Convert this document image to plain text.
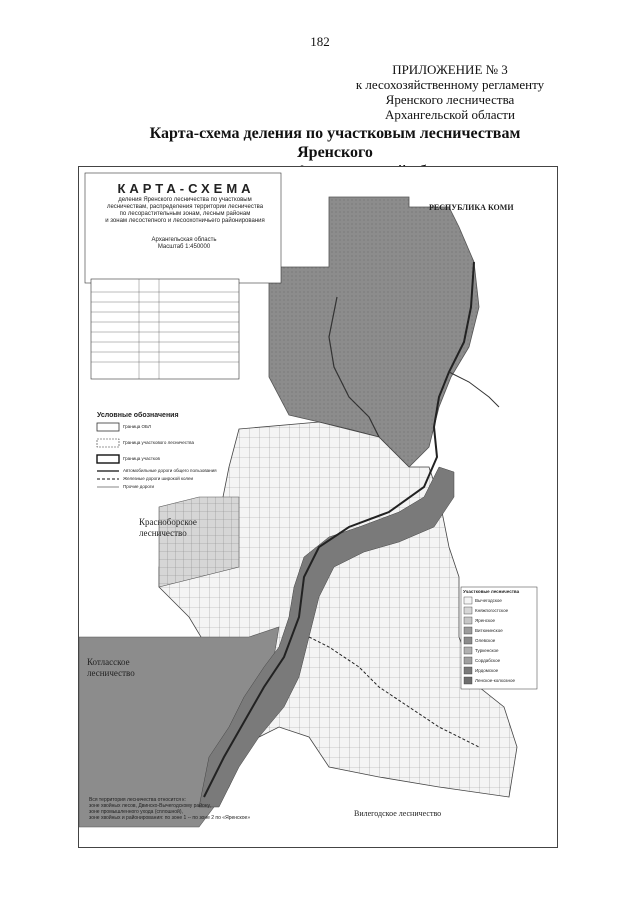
182
ПРИЛОЖЕНИЕ № 3
к лесохозяйственному регламенту
Яренского лесничества
Архангельской области
Карта-схема деления по участковым лесничествам Яренского
КАРТА-СХЕМА
деления Яренского лесничества по участковым
лесничествам, распределения территории лесничества
по лесорастительным зонам, лесным районам
и зонам лесостепного и лесоохотничьего районирования
Архангельская область
Масштаб 1:450000
РЕСПУБЛИКА КОМИ
Красноборское
лесничество
Котласское
лесничество
Вилегодское лесничество
Условные обозначения
Граница ОБЛ
Граница участкового лесничества
Граница участков
Автомобильные дороги общего пользования
Железные дороги широкой колеи
Прочие дороги
Участковые лесничества
Вычегодское
Княжпогостское
Яренское
Витюнинское
Олевское
Туркенское
Сордабское
Ирдомское
Ленское-колхозное
Вся территория лесничества относится к:
зоне хвойных лесов, Двинско-Вычегодскому району,
зоне промышленного ухода (сплошной),
зоне хвойных и районирования: по зоне 1 -- по зоне 2 по «Яренское»
